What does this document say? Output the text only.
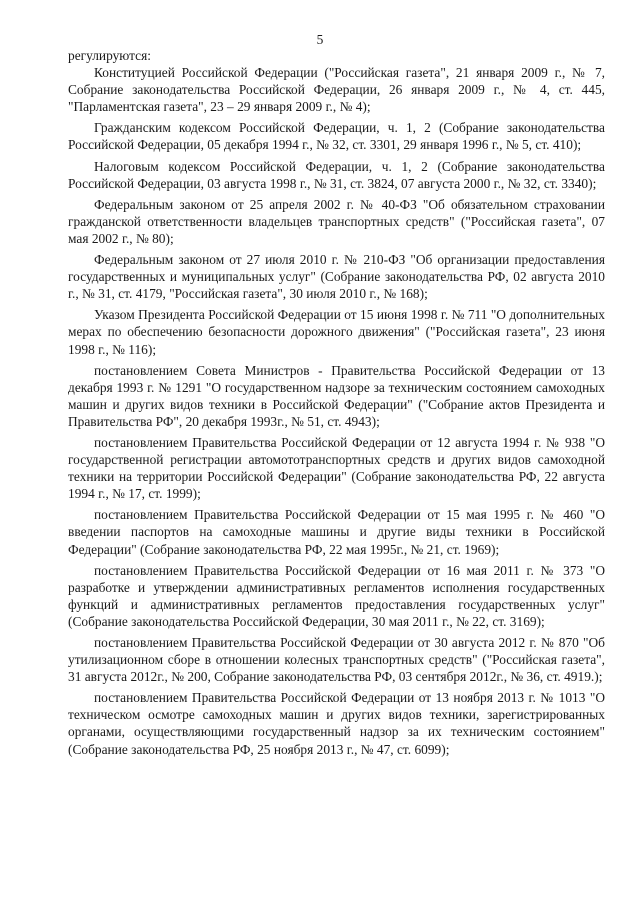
5

регулируются:

Конституцией Российской Федерации ("Российская газета", 21 января 2009 г., № 7, Собрание законодательства Российской Федерации, 26 января 2009 г., № 4, ст. 445, "Парламентская газета", 23 – 29 января 2009 г., № 4);

Гражданским кодексом Российской Федерации, ч. 1, 2 (Собрание законодательства Российской Федерации, 05 декабря 1994 г., № 32, ст. 3301, 29 января 1996 г., № 5, ст. 410);

Налоговым кодексом Российской Федерации, ч. 1, 2 (Собрание законодательства Российской Федерации, 03 августа 1998 г., № 31, ст. 3824, 07 августа 2000 г., № 32, ст. 3340);

Федеральным законом от 25 апреля 2002 г. № 40-ФЗ "Об обязательном страховании гражданской ответственности владельцев транспортных средств" ("Российская газета", 07 мая 2002 г., № 80);

Федеральным законом от 27 июля 2010 г. № 210-ФЗ "Об организации предоставления государственных и муниципальных услуг" (Собрание законодательства РФ, 02 августа 2010 г., № 31, ст. 4179, "Российская газета", 30 июля 2010 г., № 168);

Указом Президента Российской Федерации от 15 июня 1998 г. № 711 "О дополнительных мерах по обеспечению безопасности дорожного движения" ("Российская газета", 23 июня 1998 г., № 116);

постановлением Совета Министров - Правительства Российской Федерации от 13 декабря 1993 г. № 1291 "О государственном надзоре за техническим состоянием самоходных машин и других видов техники в Российской Федерации" ("Собрание актов Президента и Правительства РФ", 20 декабря 1993г., № 51, ст. 4943);

постановлением Правительства Российской Федерации от 12 августа 1994 г. № 938 "О государственной регистрации автомототранспортных средств и других видов самоходной техники на территории Российской Федерации" (Собрание законодательства РФ, 22 августа 1994 г., № 17, ст. 1999);

постановлением Правительства Российской Федерации от 15 мая 1995 г. № 460 "О введении паспортов на самоходные машины и другие виды техники в Российской Федерации" (Собрание законодательства РФ, 22 мая 1995г., № 21, ст. 1969);

постановлением Правительства Российской Федерации от 16 мая 2011 г. № 373 "О разработке и утверждении административных регламентов исполнения государственных функций и административных регламентов предоставления государственных услуг" (Собрание законодательства Российской Федерации, 30 мая 2011 г., № 22, ст. 3169);

постановлением Правительства Российской Федерации от 30 августа 2012 г. № 870 "Об утилизационном сборе в отношении колесных транспортных средств" ("Российская газета", 31 августа 2012г., № 200, Собрание законодательства РФ, 03 сентября 2012г., № 36, ст. 4919.);

постановлением Правительства Российской Федерации от 13 ноября 2013 г. № 1013 "О техническом осмотре самоходных машин и других видов техники, зарегистрированных органами, осуществляющими государственный надзор за их техническим состоянием" (Собрание законодательства РФ, 25 ноября 2013 г., № 47, ст. 6099);
